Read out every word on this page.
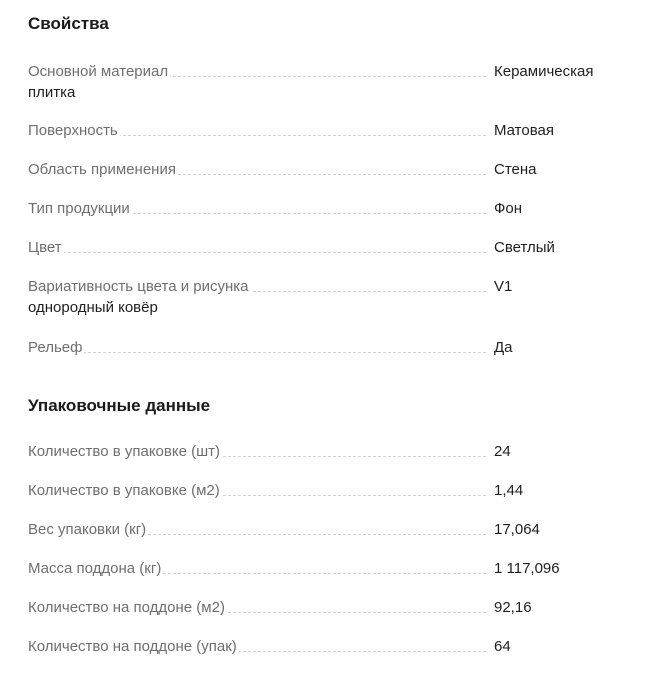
Свойства
Основной материал	Керамическая
плитка
Поверхность	Матовая
Область применения	Стена
Тип продукции	Фон
Цвет	Светлый
Вариативность цвета и рисунка	V1
однородный ковёр
Рельеф	Да
Упаковочные данные
Количество в упаковке (шт)	24
Количество в упаковке (м2)	1,44
Вес упаковки (кг)	17,064
Масса поддона (кг)	1 117,096
Количество на поддоне (м2)	92,16
Количество на поддоне (упак)	64
